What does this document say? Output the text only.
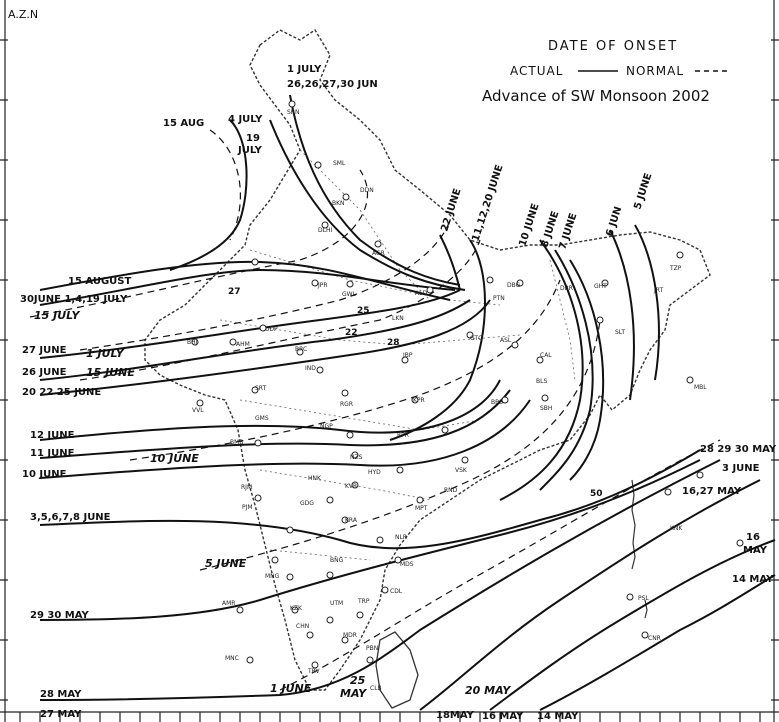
SRN
SML
DDN
DLHI
BKN
JPR
GWL
AGR
ALD
PTN
DBG
GTO
JBP
BHJ	AHM
UDP
BRC
SRT
IND
VVL
RGR
KPR	BBS
SBH
CAL
ASL
GHT
TZP
SLT
MBL
NGP
BMB
NZS
KVR
RJM
HNK
GDG
KRA
MPT
NLR
PJM
MNG
MDS
BNG
AMR
KZK
UTM TRP
CDL
CHN
PSL
MDR
PBN
MNC
CLB
CNR
TRV
KNK
GMS
RPR
LKN
DBR	JRT
BLS
VSK
RND
HYD
A.Z.N
DATE OF ONSET
ACTUAL	NORMAL
Advance of SW Monsoon 2002
1 JULY
26,26,27,30 JUN
4 JULY
19
JULY
15 AUG
15 AUGUST
30JUNE 1,4,19 JULY
15 JULY
27 JUNE 1 JULY
26 JUNE 15 JUNE
20 22 25 JUNE
12 JUNE
11 JUNE	10 JUNE
10 JUNE
3,5,6,7,8 JUNE
5 JUNE
29 30 MAY
1 JUNE
25
MAY
28 MAY
27 MAY	18MAY 16 MAY 14 MAY
20 MAY
14 MAY
16
MAY
16,27 MAY
3 JUNE
28 29 30 MAY
22 JUNE 11,12,20 JUNE 10 JUNE
8 JUNE
7 JUNE 6 JUN
5 JUNE
50
27
25
22
28
